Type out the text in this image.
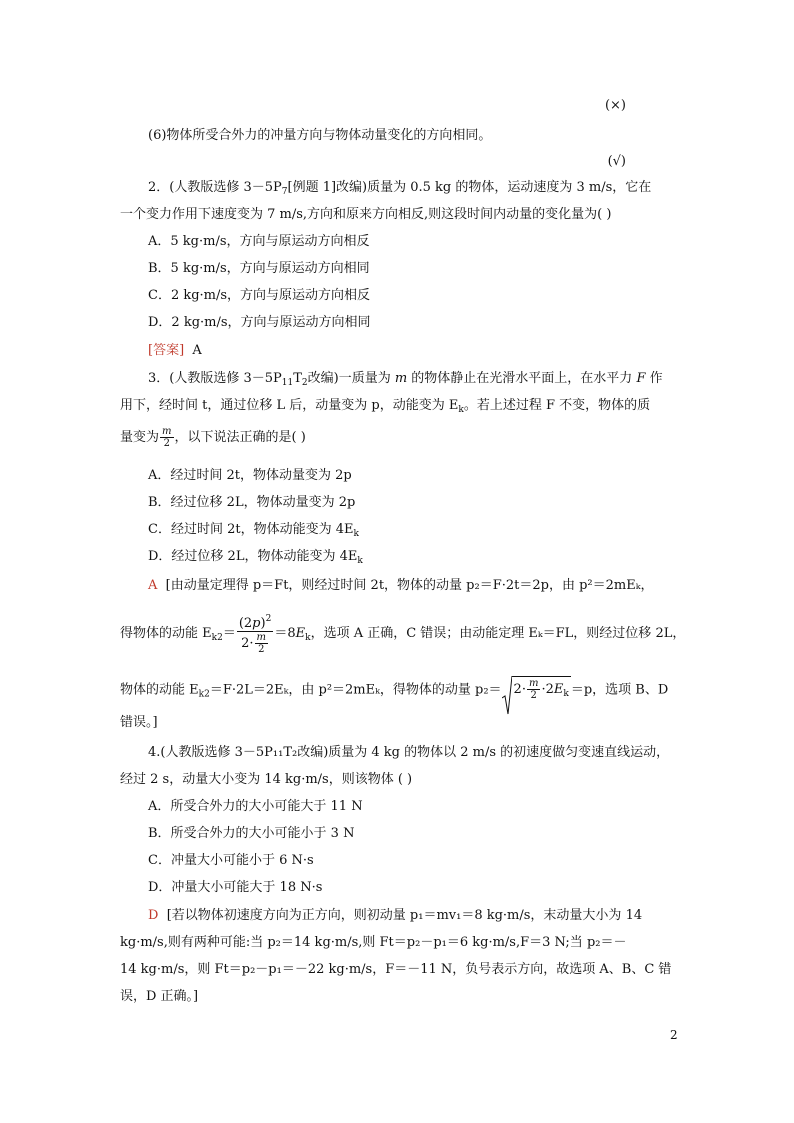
(×)
(6)物体所受合外力的冲量方向与物体动量变化的方向相同。
(√)
2．(人教版选修 $3-5P_7$[例题 1]改编)质量为 0.5 kg 的物体，运动速度为 3 m/s，它在
一个变力作用下速度变为 7 m/s,方向和原来方向相反,则这段时间内动量的变化量为( )
A．5 kg·m/s，方向与原运动方向相反
B．5 kg·m/s，方向与原运动方向相同
C．2 kg·m/s，方向与原运动方向相反
D．2 kg·m/s，方向与原运动方向相同
[答案] A
3．(人教版选修 $3-5P_{11}T_2$改编)一质量为 m 的物体静止在光滑水平面上，在水平力 F 作
用下，经时间 t，通过位移 L 后，动量变为 p，动能变为 $E_k$。若上述过程 F 不变，物体的质
量变为 $\frac{m}{2}$ ，以下说法正确的是( )
A．经过时间 2t，物体动量变为 2p
B．经过位移 2L，物体动量变为 2p
C．经过时间 2t，物体动能变为 $4E_k$
D．经过位移 2L，物体动能变为 $4E_k$
A [由动量定理得 p＝Ft，则经过时间 2t，物体的动量 p₂＝F·2t＝2p，由 p²＝2mEₖ，
得物体的动能 $E_{k2}= \frac{(2p)^2}{2\cdot \frac{m}{2}} =8E_k$，选项 A 正确，C 错误；由动能定理 Eₖ＝FL，则经过位移 2L，
物体的动能 $E_{k2}=F\cdot 2L=2E_k$，由 p²＝2mEₖ，得物体的动量 $p_2= 2\cdot \frac{m}{2} \cdot 2E_k =p$，选项 B、D
错误。]
4.(人教版选修 3－5P₁₁T₂改编)质量为 4 kg 的物体以 2 m/s 的初速度做匀变速直线运动，
经过 2 s，动量大小变为 14 kg·m/s，则该物体 ( )
A．所受合外力的大小可能大于 11 N
B．所受合外力的大小可能小于 3 N
C．冲量大小可能小于 6 N·s
D．冲量大小可能大于 18 N·s
D [若以物体初速度方向为正方向，则初动量 p₁＝mv₁＝8 kg·m/s，末动量大小为 14
kg·m/s,则有两种可能:当 p₂＝14 kg·m/s,则 Ft＝p₂－p₁＝6 kg·m/s,F＝3 N;当 p₂＝－
14 kg·m/s，则 Ft＝p₂－p₁＝－22 kg·m/s，F＝－11 N，负号表示方向，故选项 A、B、C 错
误，D 正确。]
2
